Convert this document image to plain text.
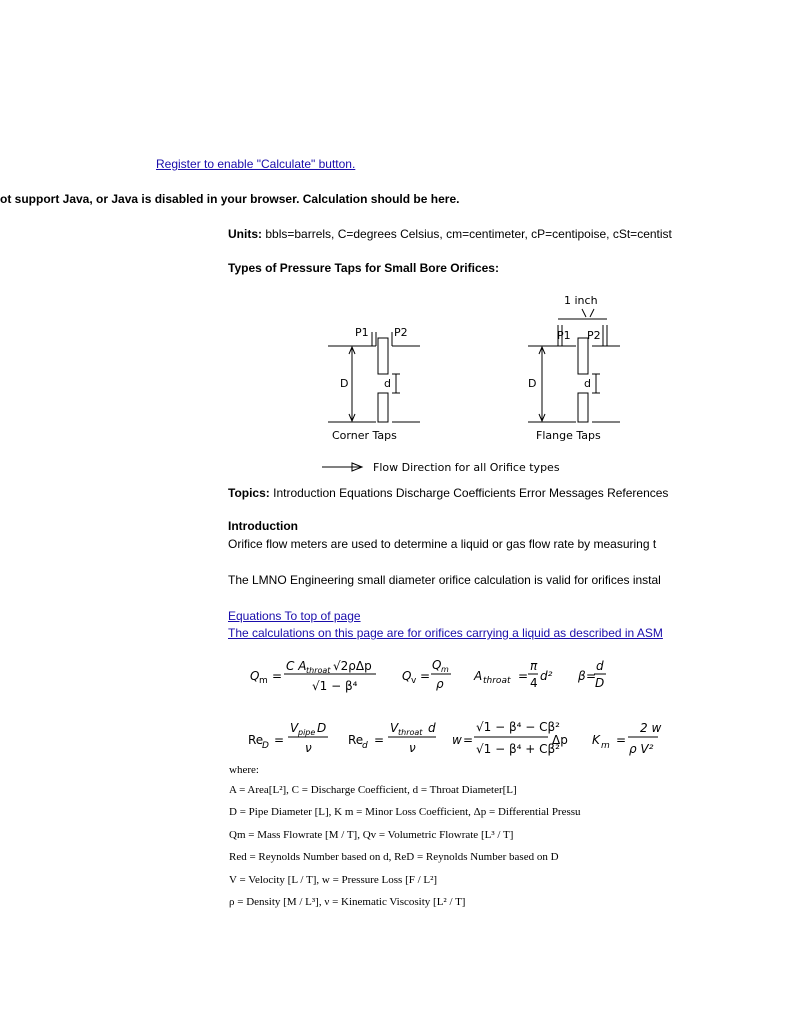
Register to enable "Calculate" button.
ot support Java, or Java is disabled in your browser. Calculation should be here.
Units: bbls=barrels, C=degrees Celsius, cm=centimeter, cP=centipoise, cSt=centist
Types of Pressure Taps for Small Bore Orifices:
1 inch
P1 P2
D	d
Corner Taps
P1 P2
D	d
Flange Taps
Flow Direction for all Orifice types
Topics: Introduction Equations Discharge Coefficients Error Messages References
Introduction
Orifice flow meters are used to determine a liquid or gas flow rate by measuring t
The LMNO Engineering small diameter orifice calculation is valid for orifices instal
Equations To top of page
The calculations on this page are for orifices carrying a liquid as described in ASM
Q m =
C A throat √2ρΔp
√1 − β⁴
Q v =
Q m
ρ
A throat =
π
4 d² β =
d
D
Re
D =
V pipe D
ν
Re
d =
V throat d
ν
w =
√1 − β⁴ − Cβ²
√1 − β⁴ + Cβ²
Δp K m =
2 w
ρ V²
where:
A = Area[L²], C = Discharge Coefficient, d = Throat Diameter[L]
D = Pipe Diameter [L], K m = Minor Loss Coefficient, Δp = Differential Pressu
Qm = Mass Flowrate [M / T], Qv = Volumetric Flowrate [L³ / T]
Red = Reynolds Number based on d, ReD = Reynolds Number based on D
V = Velocity [L / T], w = Pressure Loss [F / L²]
ρ = Density [M / L³], ν = Kinematic Viscosity [L² / T]
